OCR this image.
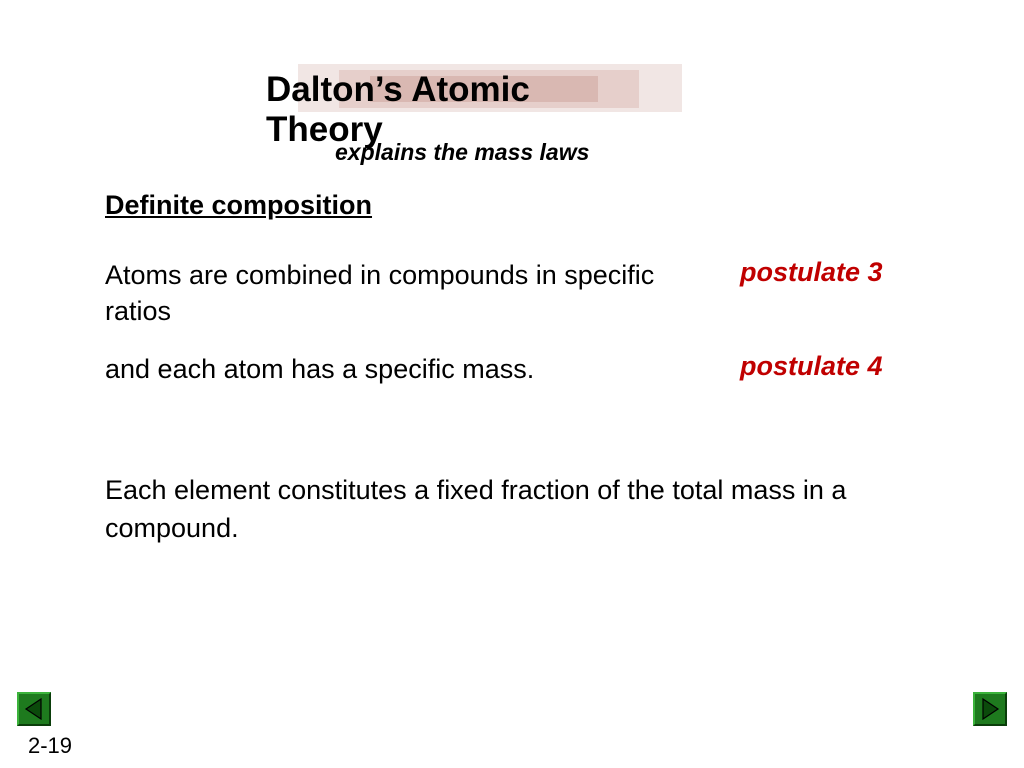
Dalton’s Atomic Theory
explains the mass laws
Definite composition
Atoms are combined in compounds in specific ratios
postulate 3
and each atom has a specific mass.	postulate 4
Each element constitutes a fixed fraction of the total mass in a compound.
2-19
